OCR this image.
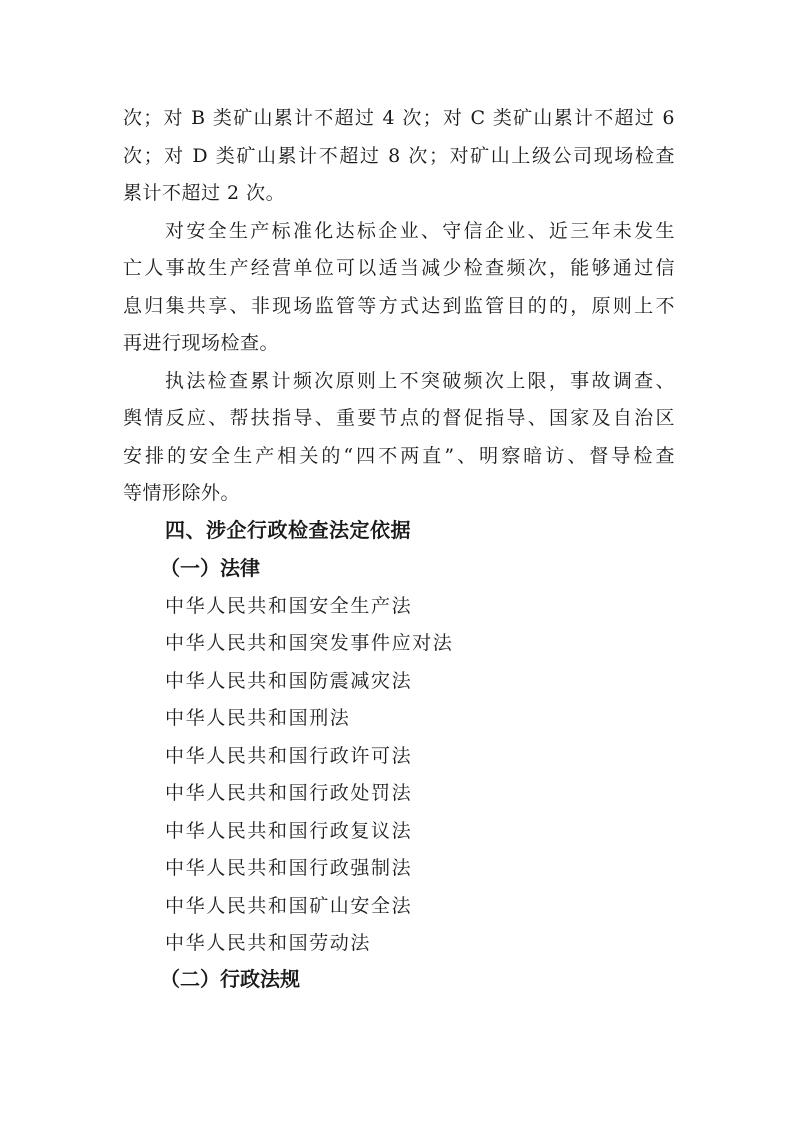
次；对 B 类矿山累计不超过 4 次；对 C 类矿山累计不超过 6
次；对 D 类矿山累计不超过 8 次；对矿山上级公司现场检查
累计不超过 2 次。
对安全生产标准化达标企业、守信企业、近三年未发生
亡人事故生产经营单位可以适当减少检查频次，能够通过信
息归集共享、非现场监管等方式达到监管目的的，原则上不
再进行现场检查。
执法检查累计频次原则上不突破频次上限，事故调查、
舆情反应、帮扶指导、重要节点的督促指导、国家及自治区
安排的安全生产相关的“四不两直”、明察暗访、督导检查
等情形除外。
四、涉企行政检查法定依据
（一）法律
中华人民共和国安全生产法
中华人民共和国突发事件应对法
中华人民共和国防震减灾法
中华人民共和国刑法
中华人民共和国行政许可法
中华人民共和国行政处罚法
中华人民共和国行政复议法
中华人民共和国行政强制法
中华人民共和国矿山安全法
中华人民共和国劳动法
（二）行政法规
